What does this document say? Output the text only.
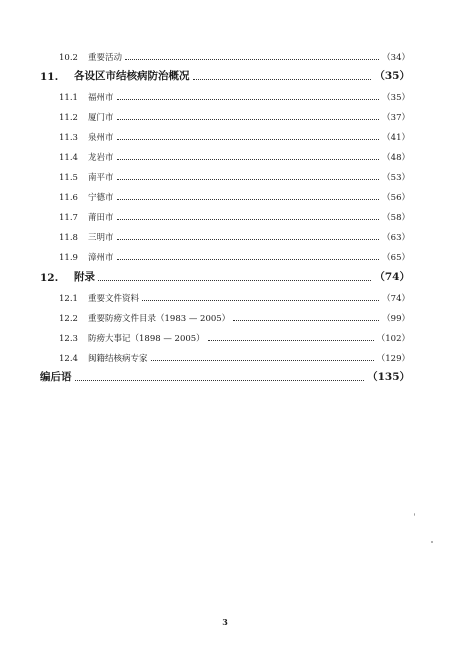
10.2	重要活动	（34）
11.	各设区市结核病防治概况	（35）
11.1	福州市	（35）
11.2	厦门市	（37）
11.3	泉州市	（41）
11.4	龙岩市	（48）
11.5	南平市	（53）
11.6	宁德市	（56）
11.7	莆田市	（58）
11.8	三明市	（63）
11.9	漳州市	（65）
12.	附录	（74）
12.1	重要文件资料	（74）
12.2	重要防痨文件目录（1983 — 2005）	（99）
12.3	防痨大事记（1898 — 2005）	（102）
12.4	闽籍结核病专家	（129）
编后语	（135）
3
